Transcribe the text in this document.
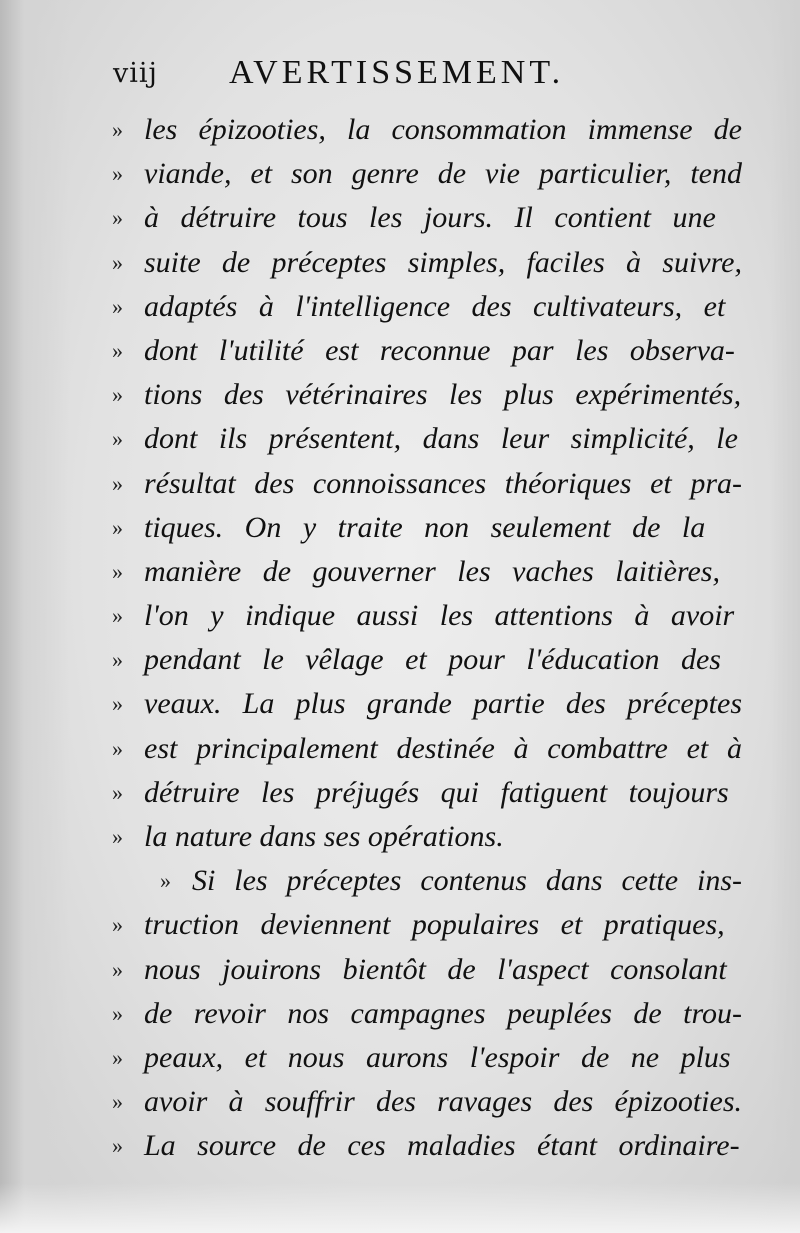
viij AVERTISSEMENT.
» les épizooties, la consommation immense de
» viande, et son genre de vie particulier, tend
» à détruire tous les jours. Il contient une
» suite de préceptes simples, faciles à suivre,
» adaptés à l'intelligence des cultivateurs, et
» dont l'utilité est reconnue par les observa-
» tions des vétérinaires les plus expérimentés,
» dont ils présentent, dans leur simplicité, le
» résultat des connoissances théoriques et pra-
» tiques. On y traite non seulement de la
» manière de gouverner les vaches laitières,
» l'on y indique aussi les attentions à avoir
» pendant le vêlage et pour l'éducation des
» veaux. La plus grande partie des préceptes
» est principalement destinée à combattre et à
» détruire les préjugés qui fatiguent toujours
» la nature dans ses opérations.
» Si les préceptes contenus dans cette ins-
» truction deviennent populaires et pratiques,
» nous jouirons bientôt de l'aspect consolant
» de revoir nos campagnes peuplées de trou-
» peaux, et nous aurons l'espoir de ne plus
» avoir à souffrir des ravages des épizooties.
» La source de ces maladies étant ordinaire-
